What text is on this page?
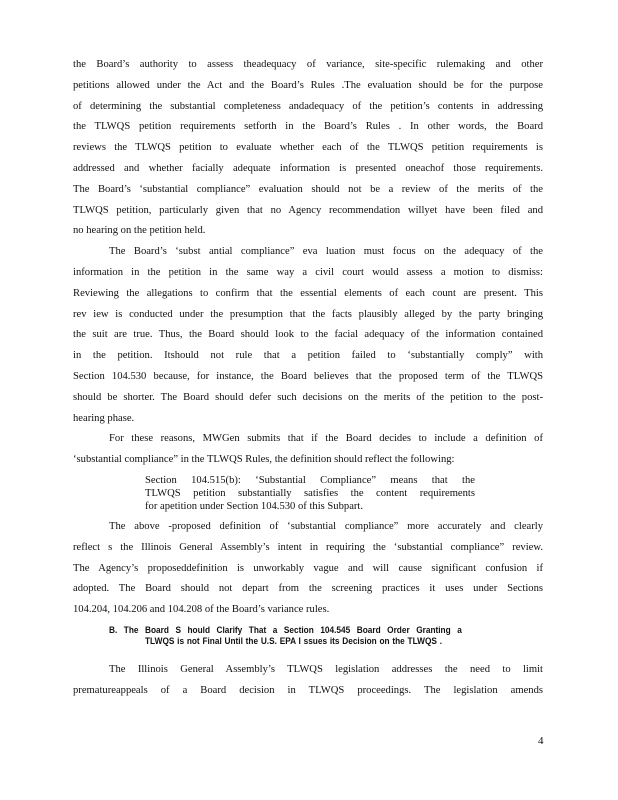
the Board’s authority to assess theadequacy of variance, site-specific rulemaking and other
petitions allowed under the Act and the Board’s Rules .The evaluation should be for the purpose
of determining the substantial completeness andadequacy of the petition’s contents in addressing
the TLWQS petition requirements setforth in the Board’s Rules . In other words, the Board
reviews the TLWQS petition to evaluate whether each of the TLWQS petition requirements is
addressed and whether facially adequate information is presented oneachof those requirements.
The Board’s ‘substantial compliance” evaluation should not be a review of the merits of the
TLWQS petition, particularly given that no Agency recommendation willyet have been filed and
no hearing on the petition held.
The Board’s ‘subst antial compliance” eva luation must focus on the adequacy of the
information in the petition in the same way a civil court would assess a motion to dismiss:
Reviewing the allegations to confirm that the essential elements of each count are present. This
rev iew is conducted under the presumption that the facts plausibly alleged by the party bringing
the suit are true. Thus, the Board should look to the facial adequacy of the information contained
in the petition. Itshould not rule that a petition failed to ‘substantially comply” with
Section 104.530 because, for instance, the Board believes that the proposed term of the TLWQS
should be shorter. The Board should defer such decisions on the merits of the petition to the post-
hearing phase.
For these reasons, MWGen submits that if the Board decides to include a definition of
‘substantial compliance” in the TLWQS Rules, the definition should reflect the following:
Section 104.515(b): ‘Substantial Compliance” means that the
TLWQS petition substantially satisfies the content requirements
for apetition under Section 104.530 of this Subpart.
The above -proposed definition of ‘substantial compliance” more accurately and clearly
reflect s the Illinois General Assembly’s intent in requiring the ‘substantial compliance” review.
The Agency’s proposeddefinition is unworkably vague and will cause significant confusion if
adopted. The Board should not depart from the screening practices it uses under Sections
104.204, 104.206 and 104.208 of the Board’s variance rules.
B. The Board S hould Clarify That a Section 104.545 Board Order Granting a
TLWQS is not Final Until the U.S. EPA I ssues its Decision on the TLWQS .
The Illinois General Assembly’s TLWQS legislation addresses the need to limit
prematureappeals of a Board decision in TLWQS proceedings. The legislation amends
4
